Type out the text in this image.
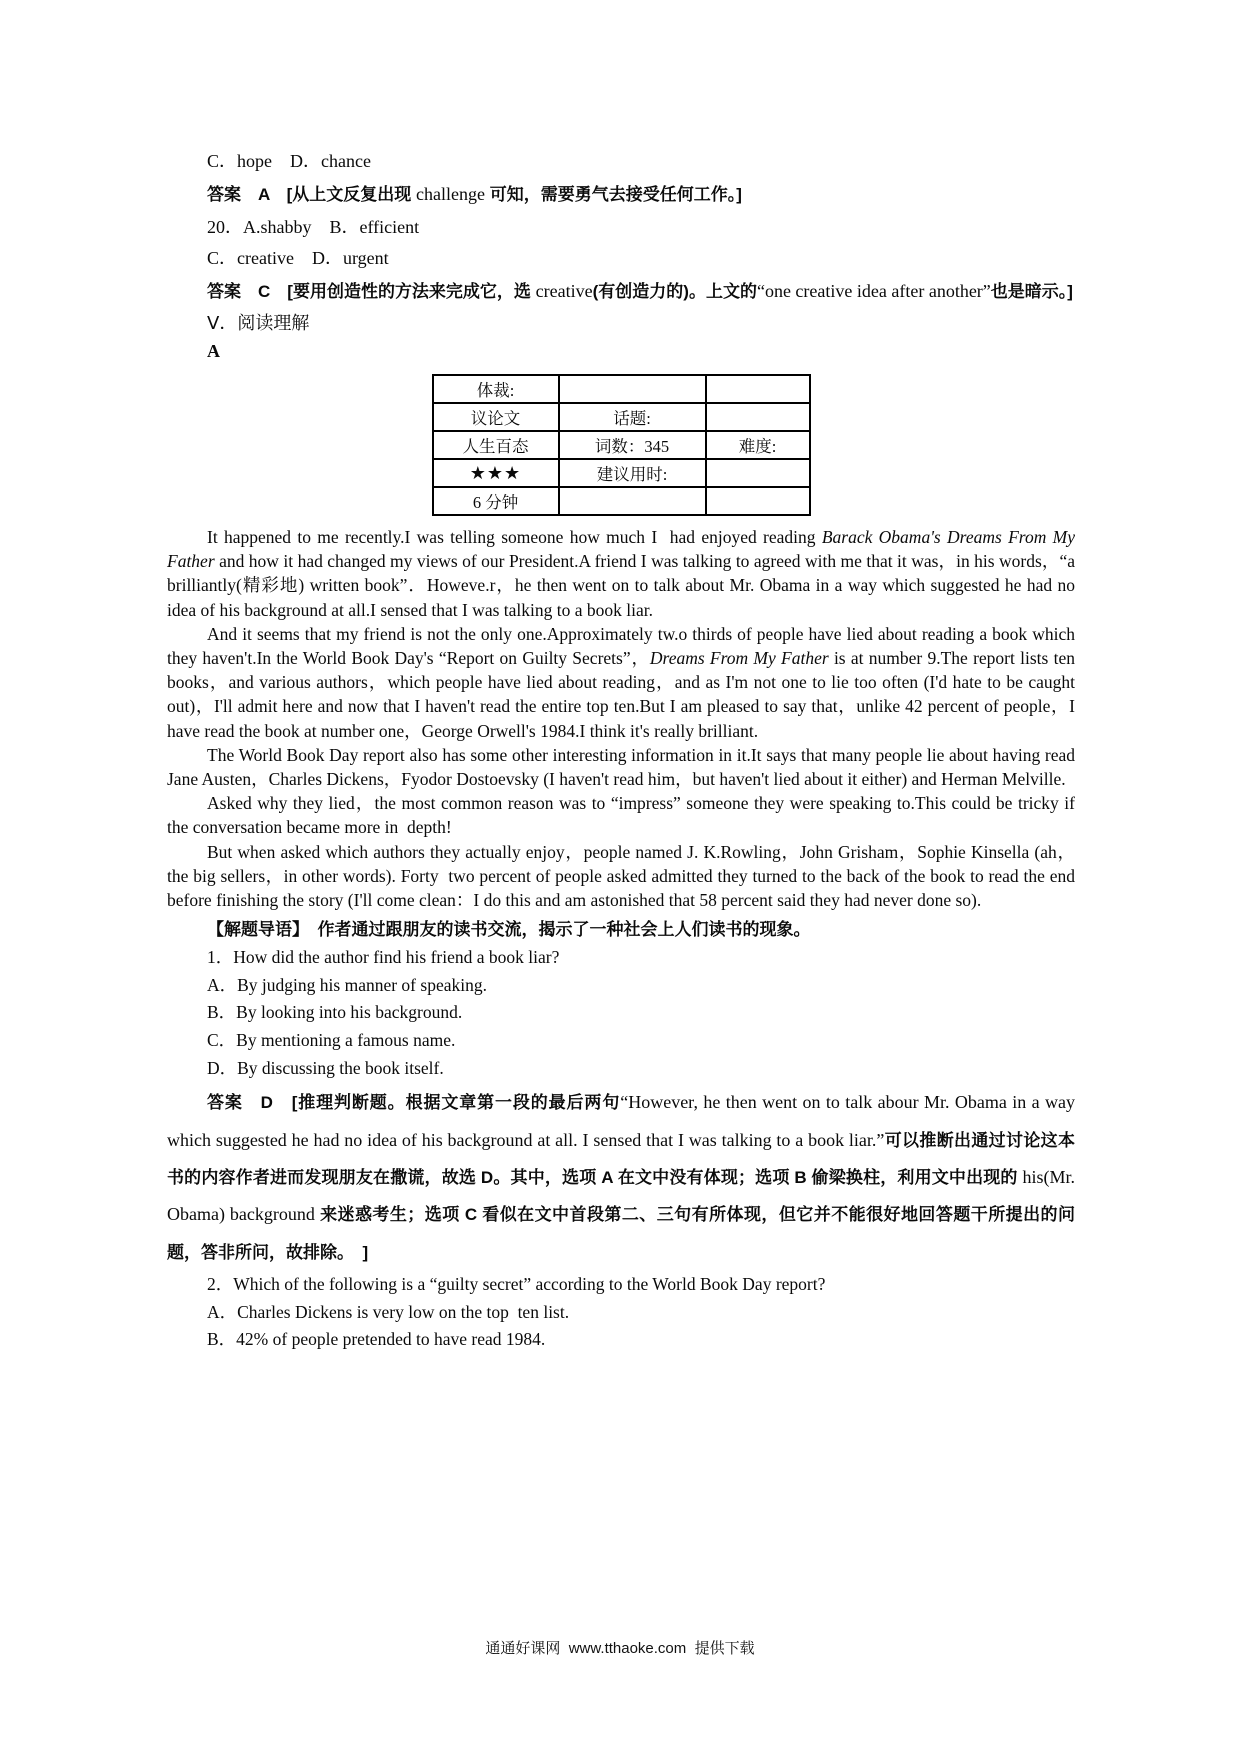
C．hope　D．chance

答案　A　[从上文反复出现 challenge 可知，需要勇气去接受任何工作。]

20．A.shabby　B．efficient

C．creative　D．urgent

答案　C　[要用创造性的方法来完成它，选 creative(有创造力的)。上文的“one creative idea after another”也是暗示。]

Ⅴ．阅读理解

A

体裁:		
议论文	话题:	
人生百态	词数：345	难度:
★★★	建议用时:	
6 分钟		

It happened to me recently.I was telling someone how much I  had enjoyed reading Barack Obama's Dreams From My Father and how it had changed my views of our President.A friend I was talking to agreed with me that it was，in his words，“a brilliantly(精彩地) written book”．Howeve.r，he then went on to talk about Mr. Obama in a way which suggested he had no idea of his background at all.I sensed that I was talking to a book liar.

And it seems that my friend is not the only one.Approximately tw.o thirds of people have lied about reading a book which they haven't.In the World Book Day's “Report on Guilty Secrets”，Dreams From My Father is at number 9.The report lists ten books，and various authors，which people have lied about reading，and as I'm not one to lie too often (I'd hate to be caught out)，I'll admit here and now that I haven't read the entire top ten.But I am pleased to say that，unlike 42 percent of people，I have read the book at number one，George Orwell's 1984.I think it's really brilliant.

The World Book Day report also has some other interesting information in it.It says that many people lie about having read Jane Austen，Charles Dickens，Fyodor Dostoevsky (I haven't read him，but haven't lied about it either) and Herman Melville.

Asked why they lied，the most common reason was to “impress” someone they were speaking to.This could be tricky if the conversation became more in  depth!

But when asked which authors they actually enjoy，people named J. K.Rowling，John Grisham，Sophie Kinsella (ah，the big sellers，in other words). Forty  two percent of people asked admitted they turned to the back of the book to read the end before finishing the story (I'll come clean：I do this and am astonished that 58 percent said they had never done so).

【解题导语】　作者通过跟朋友的读书交流，揭示了一种社会上人们读书的现象。

1．How did the author find his friend a book liar?

A．By judging his manner of speaking.

B．By looking into his background.

C．By mentioning a famous name.

D．By discussing the book itself.

答案　D　[推理判断题。根据文章第一段的最后两句“However, he then went on to talk abour Mr. Obama in a way which suggested he had no idea of his background at all. I sensed that I was talking to a book liar.”可以推断出通过讨论这本书的内容作者进而发现朋友在撒谎，故选 D。其中，选项 A 在文中没有体现；选项 B 偷梁换柱，利用文中出现的 his(Mr. Obama) background 来迷惑考生；选项 C 看似在文中首段第二、三句有所体现，但它并不能很好地回答题干所提出的问题，答非所问，故排除。　]

2．Which of the following is a “guilty secret” according to the World Book Day report?

A．Charles Dickens is very low on the top  ten list.

B．42% of people pretended to have read 1984.

通通好课网  www.tthaoke.com  提供下载
